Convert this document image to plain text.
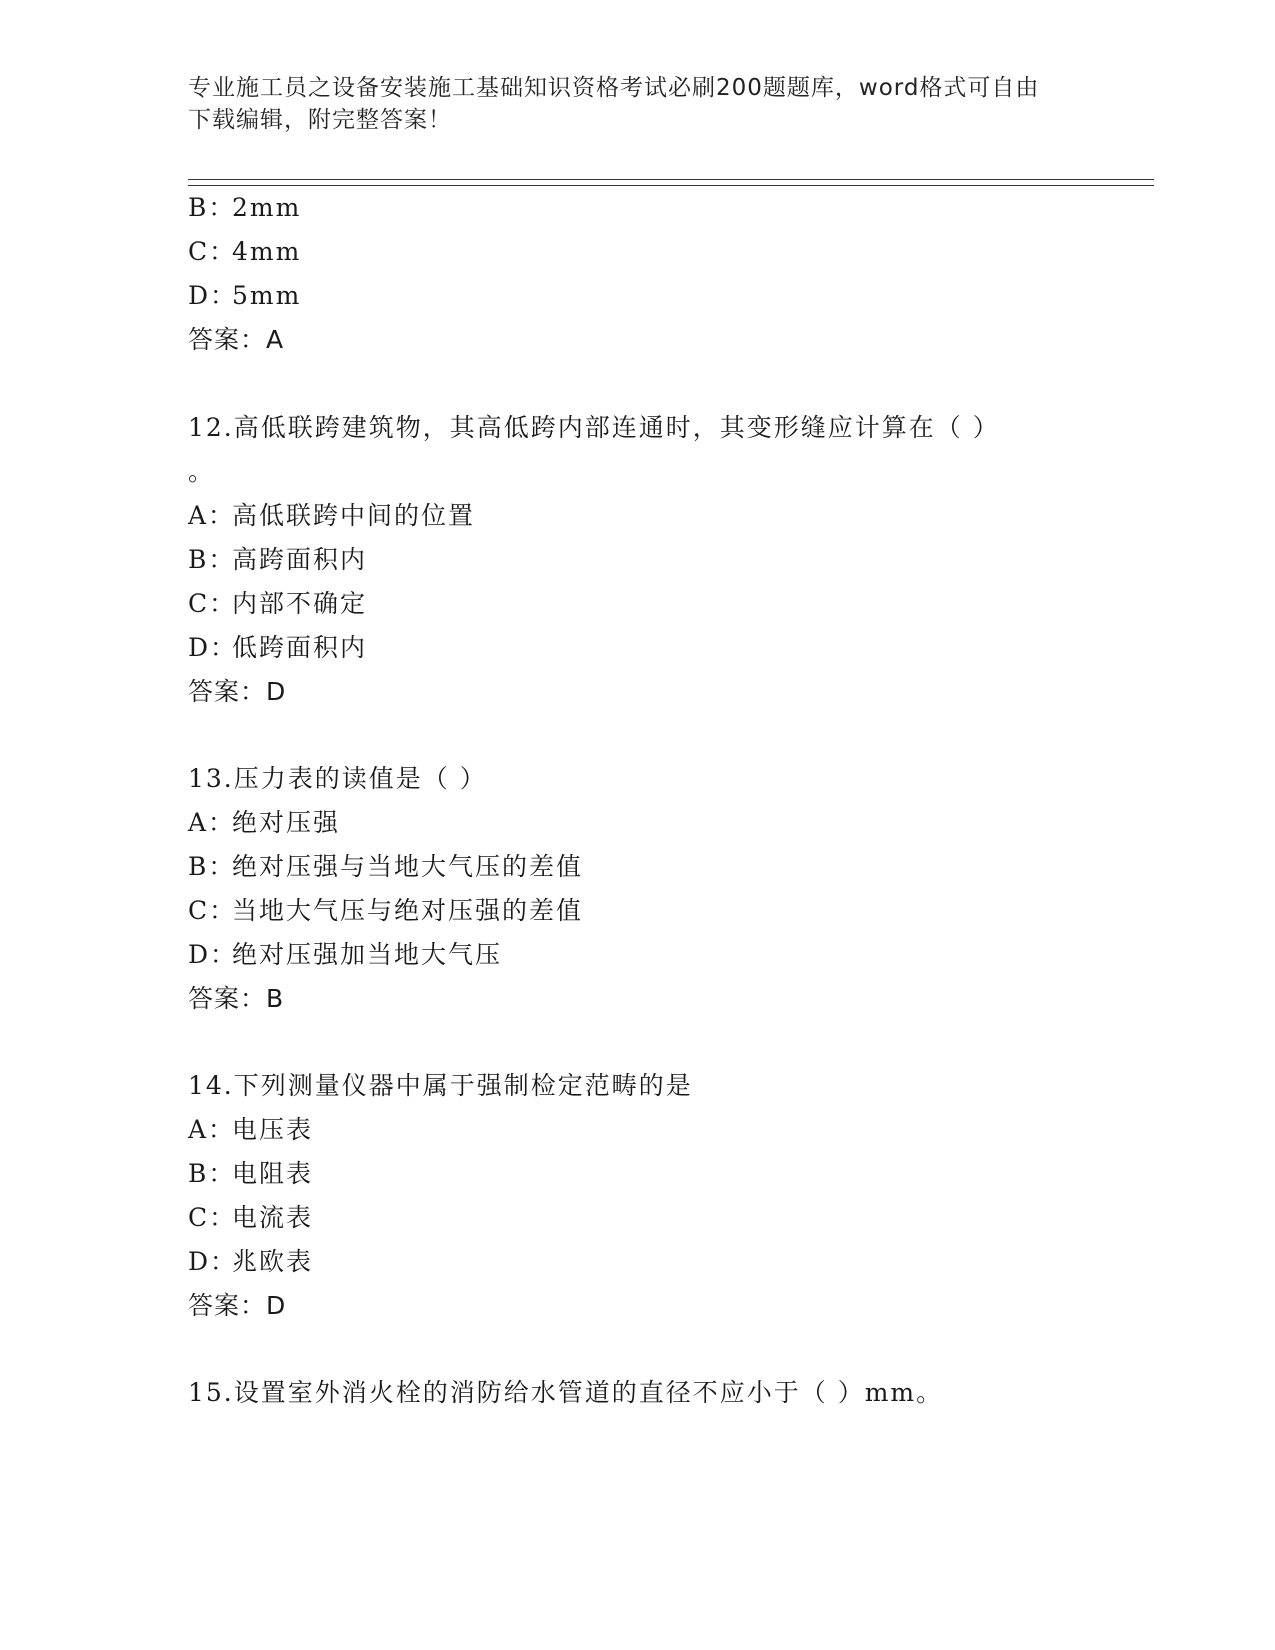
专业施工员之设备安装施工基础知识资格考试必刷200题题库，word格式可自由
下载编辑，附完整答案！
B：2mm
C：4mm
D：5mm
答案：A
12.高低联跨建筑物，其高低跨内部连通时，其变形缝应计算在（ ）
。
A：高低联跨中间的位置
B：高跨面积内
C：内部不确定
D：低跨面积内
答案：D
13.压力表的读值是（ ）
A：绝对压强
B：绝对压强与当地大气压的差值
C：当地大气压与绝对压强的差值
D：绝对压强加当地大气压
答案：B
14.下列测量仪器中属于强制检定范畴的是
A：电压表
B：电阻表
C：电流表
D：兆欧表
答案：D
15.设置室外消火栓的消防给水管道的直径不应小于（ ）mm。
